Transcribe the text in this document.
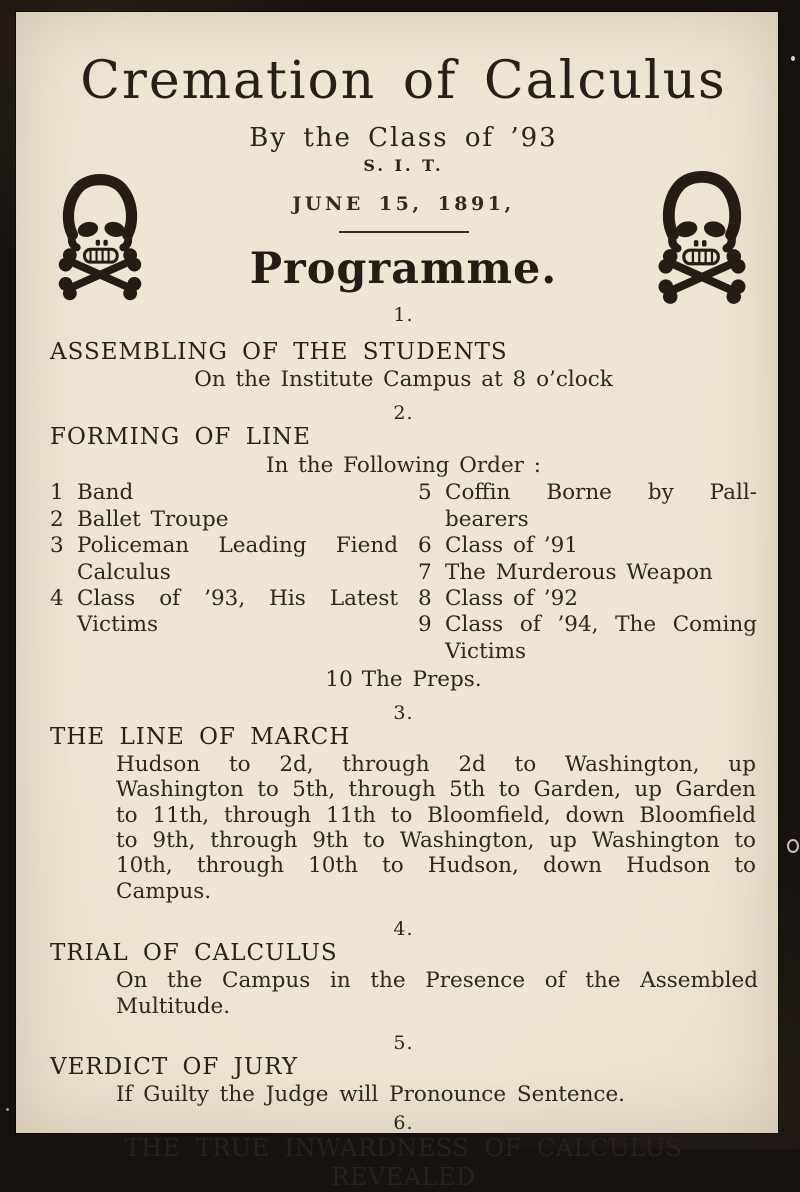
Cremation of Calculus
By the Class of ’93
S. I. T.
JUNE 15, 1891,
Programme.
1.
ASSEMBLING OF THE STUDENTS
On the Institute Campus at 8 o’clock
2.
FORMING OF LINE
In the Following Order :
1 Band
2 Ballet Troupe
3 Policeman Leading Fiend Calculus
4 Class of ’93, His Latest Victims
5 Coffin Borne by Pall-bearers
6 Class of ’91
7 The Murderous Weapon
8 Class of ’92
9 Class of ’94, The Coming Victims
10 The Preps.
3.
THE LINE OF MARCH

Hudson to 2d, through 2d to Washington, up Washington to 5th, through 5th to Garden, up Garden to 11th, through 11th to Bloomfield, down Bloomfield to 9th, through 9th to Washington, up Washington to 10th, through 10th to Hudson, down Hudson to Campus.

4.
TRIAL OF CALCULUS

On the Campus in the Presence of the Assembled Multitude.

5.
VERDICT OF JURY

If Guilty the Judge will Pronounce Sentence.

6.
THE TRUE INWARDNESS OF CALCULUS REVEALED
